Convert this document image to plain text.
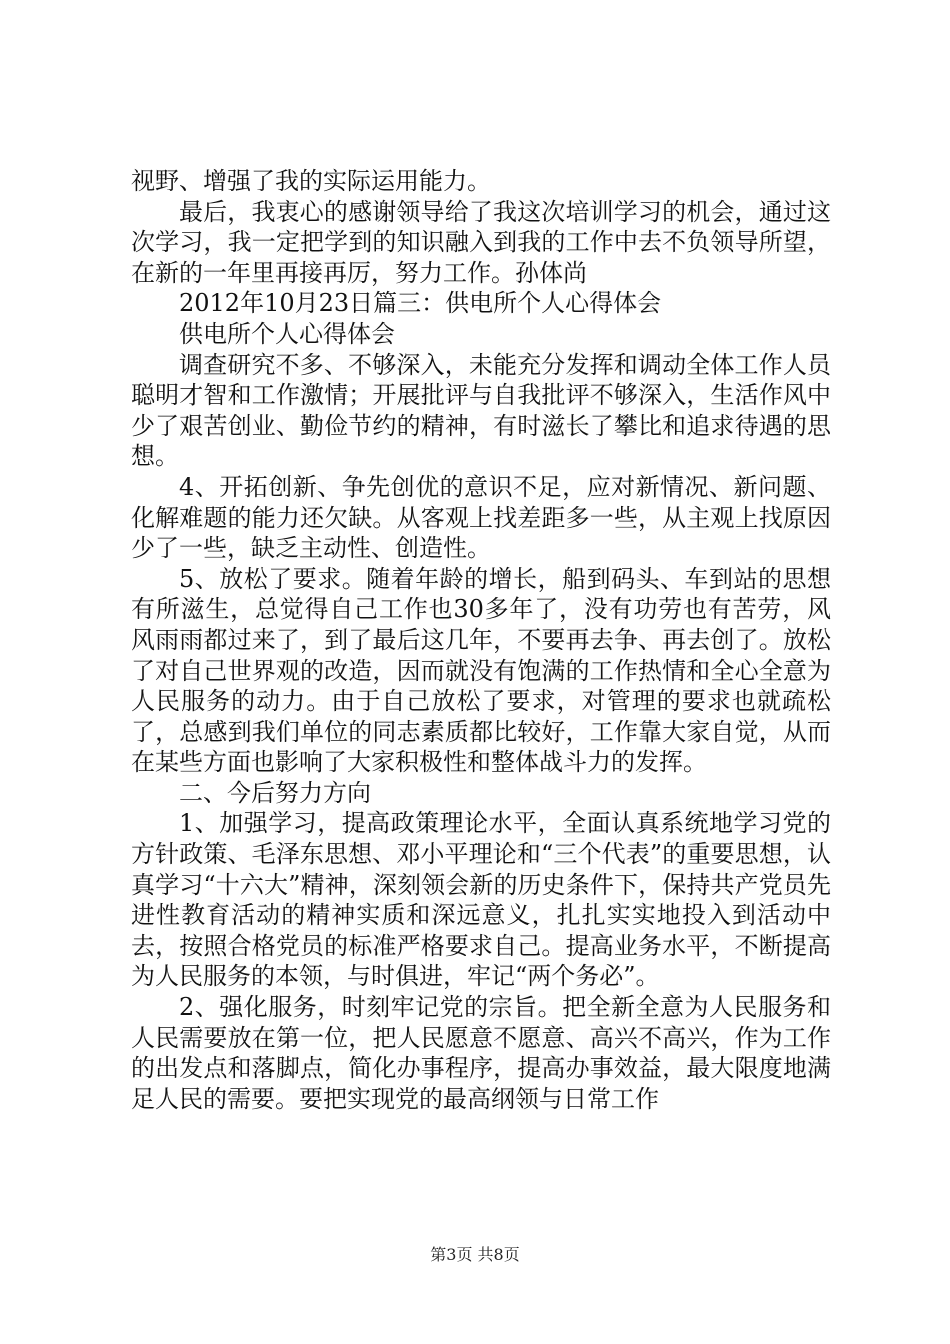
视野、增强了我的实际运用能力。

最后，我衷心的感谢领导给了我这次培训学习的机会，通过这次学习，我一定把学到的知识融入到我的工作中去不负领导所望，在新的一年里再接再厉，努力工作。孙体尚

2012年10月23日篇三：供电所个人心得体会

供电所个人心得体会

调查研究不多、不够深入，未能充分发挥和调动全体工作人员聪明才智和工作激情；开展批评与自我批评不够深入，生活作风中少了艰苦创业、勤俭节约的精神，有时滋长了攀比和追求待遇的思想。

4、开拓创新、争先创优的意识不足，应对新情况、新问题、化解难题的能力还欠缺。从客观上找差距多一些，从主观上找原因少了一些，缺乏主动性、创造性。

5、放松了要求。随着年龄的增长，船到码头、车到站的思想有所滋生，总觉得自己工作也30多年了，没有功劳也有苦劳，风风雨雨都过来了，到了最后这几年，不要再去争、再去创了。放松了对自己世界观的改造，因而就没有饱满的工作热情和全心全意为人民服务的动力。由于自己放松了要求，对管理的要求也就疏松了，总感到我们单位的同志素质都比较好，工作靠大家自觉，从而在某些方面也影响了大家积极性和整体战斗力的发挥。

二、今后努力方向

1、加强学习，提高政策理论水平，全面认真系统地学习党的方针政策、毛泽东思想、邓小平理论和“三个代表”的重要思想，认真学习“十六大”精神，深刻领会新的历史条件下，保持共产党员先进性教育活动的精神实质和深远意义，扎扎实实地投入到活动中去，按照合格党员的标准严格要求自己。提高业务水平，不断提高为人民服务的本领，与时俱进，牢记“两个务必”。

2、强化服务，时刻牢记党的宗旨。把全新全意为人民服务和人民需要放在第一位，把人民愿意不愿意、高兴不高兴，作为工作的出发点和落脚点，简化办事程序，提高办事效益，最大限度地满足人民的需要。要把实现党的最高纲领与日常工作

第3页 共8页
